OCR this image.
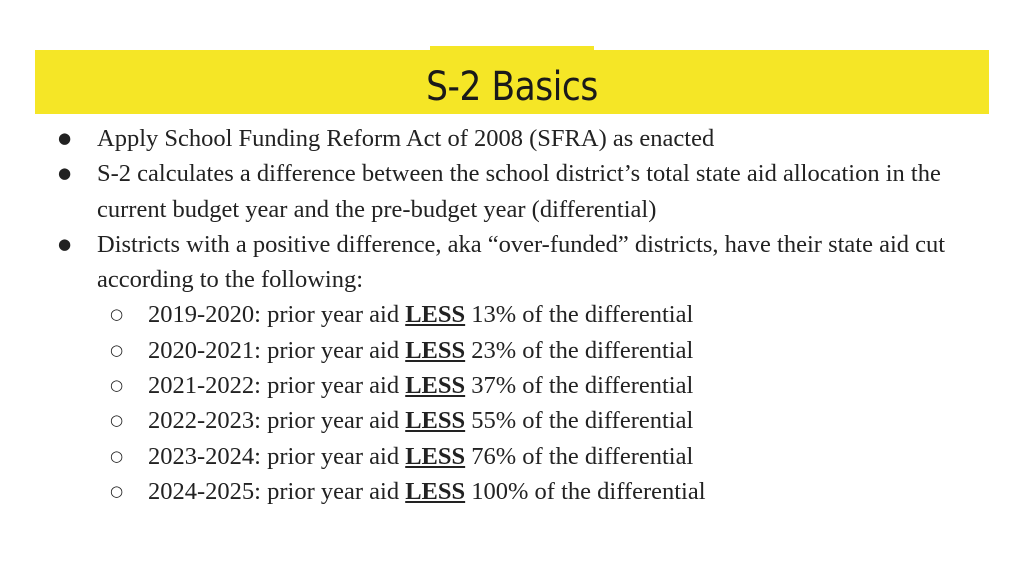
S-2 Basics
● Apply School Funding Reform Act of 2008 (SFRA) as enacted
● S-2 calculates a difference between the school district’s total state aid allocation in the current budget year and the pre-budget year (differential)
● Districts with a positive difference, aka “over-funded” districts, have their state aid cut according to the following:
○ 2019-2020: prior year aid LESS 13% of the differential
○ 2020-2021: prior year aid LESS 23% of the differential
○ 2021-2022: prior year aid LESS 37% of the differential
○ 2022-2023: prior year aid LESS 55% of the differential
○ 2023-2024: prior year aid LESS 76% of the differential
○ 2024-2025: prior year aid LESS 100% of the differential
